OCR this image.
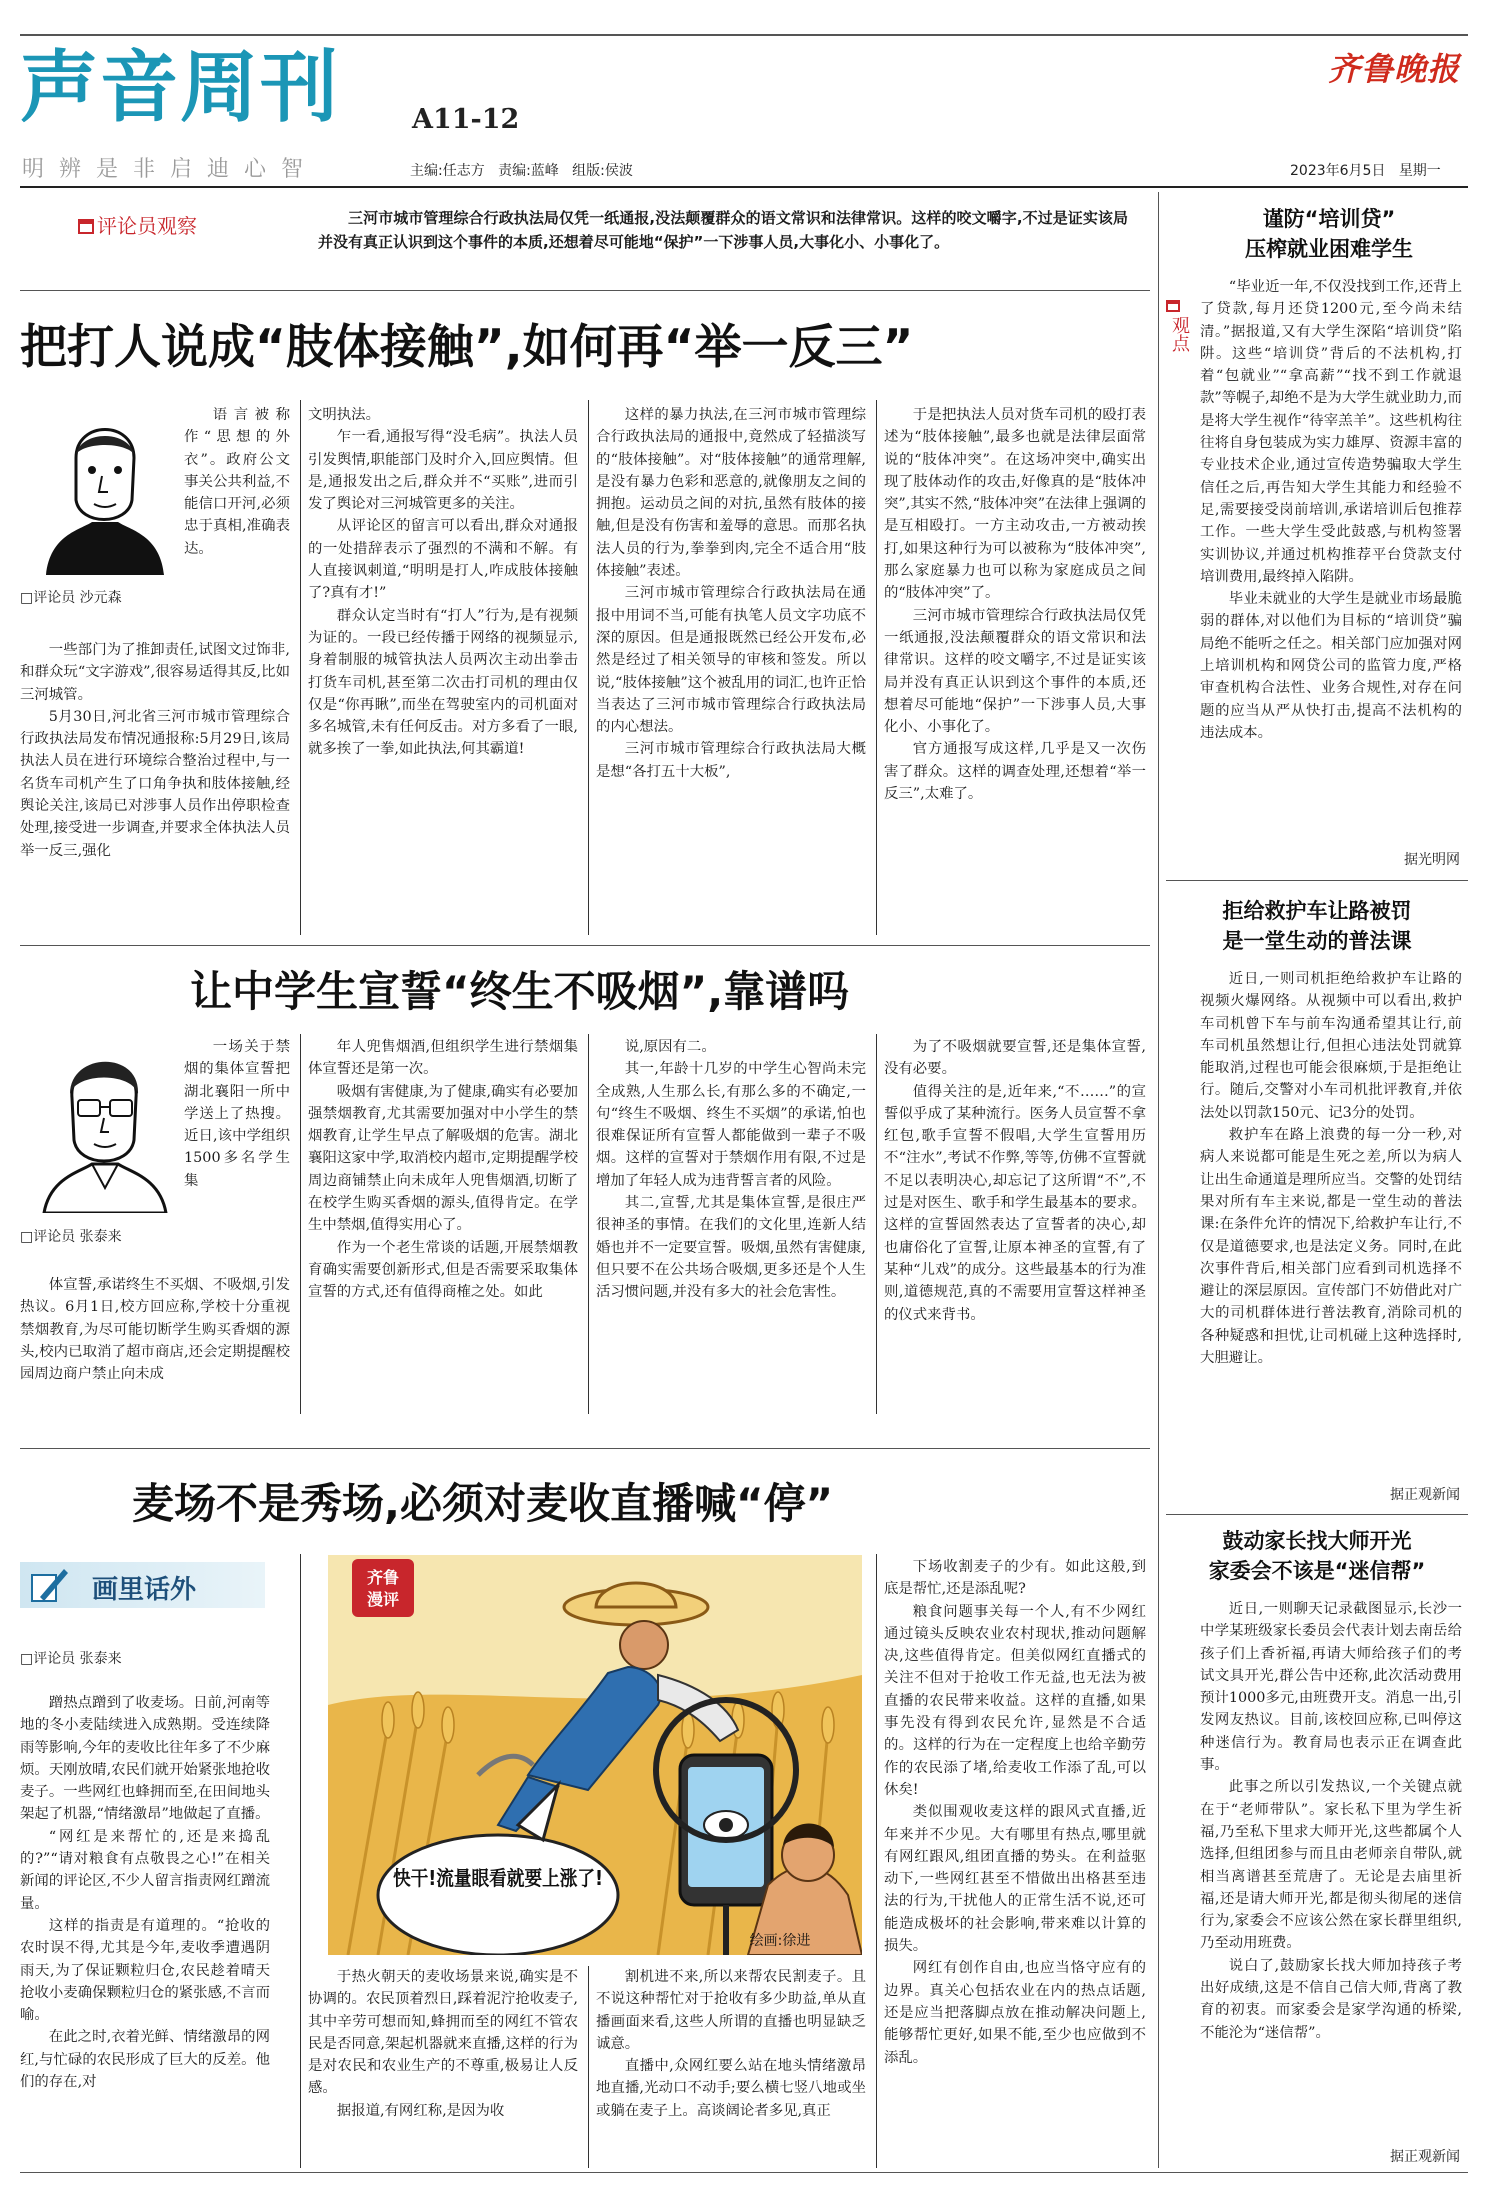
声音周刊	A11-12
明辨是非启迪心智	主编:任志方   责编:蓝峰   组版:侯波
齐鲁晚报
2023年6月5日 星期一
评论员观察	三河市城市管理综合行政执法局仅凭一纸通报,没法颠覆群众的语文常识和法律常识。这样的咬文嚼字,不过是证实该局并没有真正认识到这个事件的本质,还想着尽可能地“保护”一下涉事人员,大事化小、小事化了。
把打人说成“肢体接触”,如何再“举一反三”
□评论员 沙元森

语言被称作“思想的外衣”。政府公文事关公共利益,不能信口开河,必须忠于真相,准确表达。

一些部门为了推卸责任,试图文过饰非,和群众玩“文字游戏”,很容易适得其反,比如三河城管。

5月30日,河北省三河市城市管理综合行政执法局发布情况通报称:5月29日,该局执法人员在进行环境综合整治过程中,与一名货车司机产生了口角争执和肢体接触,经舆论关注,该局已对涉事人员作出停职检查处理,接受进一步调查,并要求全体执法人员举一反三,强化

文明执法。

乍一看,通报写得“没毛病”。执法人员引发舆情,职能部门及时介入,回应舆情。但是,通报发出之后,群众并不“买账”,进而引发了舆论对三河城管更多的关注。

从评论区的留言可以看出,群众对通报的一处措辞表示了强烈的不满和不解。有人直接讽刺道,“明明是打人,咋成肢体接触了?真有才!”

群众认定当时有“打人”行为,是有视频为证的。一段已经传播于网络的视频显示,身着制服的城管执法人员两次主动出拳击打货车司机,甚至第二次击打司机的理由仅仅是“你再瞅”,而坐在驾驶室内的司机面对多名城管,未有任何反击。对方多看了一眼,就多挨了一拳,如此执法,何其霸道!

这样的暴力执法,在三河市城市管理综合行政执法局的通报中,竟然成了轻描淡写的“肢体接触”。对“肢体接触”的通常理解,是没有暴力色彩和恶意的,就像朋友之间的拥抱。运动员之间的对抗,虽然有肢体的接触,但是没有伤害和羞辱的意思。而那名执法人员的行为,拳拳到肉,完全不适合用“肢体接触”表述。

三河市城市管理综合行政执法局在通报中用词不当,可能有执笔人员文字功底不深的原因。但是通报既然已经公开发布,必然是经过了相关领导的审核和签发。所以说,“肢体接触”这个被乱用的词汇,也许正恰当表达了三河市城市管理综合行政执法局的内心想法。

三河市城市管理综合行政执法局大概是想“各打五十大板”,

于是把执法人员对货车司机的殴打表述为“肢体接触”,最多也就是法律层面常说的“肢体冲突”。在这场冲突中,确实出现了肢体动作的攻击,好像真的是“肢体冲突”,其实不然,“肢体冲突”在法律上强调的是互相殴打。一方主动攻击,一方被动挨打,如果这种行为可以被称为“肢体冲突”,那么家庭暴力也可以称为家庭成员之间的“肢体冲突”了。

三河市城市管理综合行政执法局仅凭一纸通报,没法颠覆群众的语文常识和法律常识。这样的咬文嚼字,不过是证实该局并没有真正认识到这个事件的本质,还想着尽可能地“保护”一下涉事人员,大事化小、小事化了。

官方通报写成这样,几乎是又一次伤害了群众。这样的调查处理,还想着“举一反三”,太难了。

让中学生宣誓“终生不吸烟”,靠谱吗
□评论员 张泰来

一场关于禁烟的集体宣誓把湖北襄阳一所中学送上了热搜。近日,该中学组织1500多名学生集

体宣誓,承诺终生不买烟、不吸烟,引发热议。6月1日,校方回应称,学校十分重视禁烟教育,为尽可能切断学生购买香烟的源头,校内已取消了超市商店,还会定期提醒校园周边商户禁止向未成

年人兜售烟酒,但组织学生进行禁烟集体宣誓还是第一次。

吸烟有害健康,为了健康,确实有必要加强禁烟教育,尤其需要加强对中小学生的禁烟教育,让学生早点了解吸烟的危害。湖北襄阳这家中学,取消校内超市,定期提醒学校周边商铺禁止向未成年人兜售烟酒,切断了在校学生购买香烟的源头,值得肯定。在学生中禁烟,值得实用心了。

作为一个老生常谈的话题,开展禁烟教育确实需要创新形式,但是否需要采取集体宣誓的方式,还有值得商榷之处。如此

说,原因有二。

其一,年龄十几岁的中学生心智尚未完全成熟,人生那么长,有那么多的不确定,一句“终生不吸烟、终生不买烟”的承诺,怕也很难保证所有宣誓人都能做到一辈子不吸烟。这样的宣誓对于禁烟作用有限,不过是增加了年轻人成为违背誓言者的风险。

其二,宣誓,尤其是集体宣誓,是很庄严很神圣的事情。在我们的文化里,连新人结婚也并不一定要宣誓。吸烟,虽然有害健康,但只要不在公共场合吸烟,更多还是个人生活习惯问题,并没有多大的社会危害性。

为了不吸烟就要宣誓,还是集体宣誓,没有必要。

值得关注的是,近年来,“不……”的宣誓似乎成了某种流行。医务人员宣誓不拿红包,歌手宣誓不假唱,大学生宣誓用历不“注水”,考试不作弊,等等,仿佛不宣誓就不足以表明决心,却忘记了这所谓“不”,不过是对医生、歌手和学生最基本的要求。这样的宣誓固然表达了宣誓者的决心,却也庸俗化了宣誓,让原本神圣的宣誓,有了某种“儿戏”的成分。这些最基本的行为准则,道德规范,真的不需要用宣誓这样神圣的仪式来背书。

麦场不是秀场,必须对麦收直播喊“停”
画里话外
□评论员 张泰来

蹭热点蹭到了收麦场。日前,河南等地的冬小麦陆续进入成熟期。受连续降雨等影响,今年的麦收比往年多了不少麻烦。天刚放晴,农民们就开始紧张地抢收麦子。一些网红也蜂拥而至,在田间地头架起了机器,“情绪激昂”地做起了直播。

“网红是来帮忙的,还是来捣乱的?”“请对粮食有点敬畏之心!”在相关新闻的评论区,不少人留言指责网红蹭流量。

这样的指责是有道理的。“抢收的农时误不得,尤其是今年,麦收季遭遇阴雨天,为了保证颗粒归仓,农民趁着晴天抢收小麦确保颗粒归仓的紧张感,不言而喻。

在此之时,衣着光鲜、情绪激昂的网红,与忙碌的农民形成了巨大的反差。他们的存在,对

快干!流量眼看就要上涨了!
齐鲁
漫评
绘画:徐进

于热火朝天的麦收场景来说,确实是不协调的。农民顶着烈日,踩着泥泞抢收麦子,其中辛劳可想而知,蜂拥而至的网红不管农民是否同意,架起机器就来直播,这样的行为是对农民和农业生产的不尊重,极易让人反感。

据报道,有网红称,是因为收

割机进不来,所以来帮农民割麦子。且不说这种帮忙对于抢收有多少助益,单从直播画面来看,这些人所谓的直播也明显缺乏诚意。

直播中,众网红要么站在地头情绪激昂地直播,光动口不动手;要么横七竖八地或坐或躺在麦子上。高谈阔论者多见,真正

下场收割麦子的少有。如此这般,到底是帮忙,还是添乱呢?

粮食问题事关每一个人,有不少网红通过镜头反映农业农村现状,推动问题解决,这些值得肯定。但美似网红直播式的关注不但对于抢收工作无益,也无法为被直播的农民带来收益。这样的直播,如果事先没有得到农民允许,显然是不合适的。这样的行为在一定程度上也给辛勤劳作的农民添了堵,给麦收工作添了乱,可以休矣!

类似围观收麦这样的跟风式直播,近年来并不少见。大有哪里有热点,哪里就有网红跟风,组团直播的势头。在利益驱动下,一些网红甚至不惜做出出格甚至违法的行为,干扰他人的正常生活不说,还可能造成极坏的社会影响,带来难以计算的损失。

网红有创作自由,也应当恪守应有的边界。真关心包括农业在内的热点话题,还是应当把落脚点放在推动解决问题上,能够帮忙更好,如果不能,至少也应做到不添乱。

观点
谨防“培训贷”
压榨就业困难学生

“毕业近一年,不仅没找到工作,还背上了贷款,每月还贷1200元,至今尚未结清。”据报道,又有大学生深陷“培训贷”陷阱。这些“培训贷”背后的不法机构,打着“包就业”“拿高薪”“找不到工作就退款”等幌子,却绝不是为大学生就业助力,而是将大学生视作“待宰羔羊”。这些机构往往将自身包装成为实力雄厚、资源丰富的专业技术企业,通过宣传造势骗取大学生信任之后,再告知大学生其能力和经验不足,需要接受岗前培训,承诺培训后包推荐工作。一些大学生受此鼓惑,与机构签署实训协议,并通过机构推荐平台贷款支付培训费用,最终掉入陷阱。

毕业未就业的大学生是就业市场最脆弱的群体,对以他们为目标的“培训贷”骗局绝不能听之任之。相关部门应加强对网上培训机构和网贷公司的监管力度,严格审查机构合法性、业务合规性,对存在问题的应当从严从快打击,提高不法机构的违法成本。

据光明网
拒给救护车让路被罚
是一堂生动的普法课

近日,一则司机拒绝给救护车让路的视频火爆网络。从视频中可以看出,救护车司机曾下车与前车沟通希望其让行,前车司机虽然想让行,但担心违法处罚就算能取消,过程也可能会很麻烦,于是拒绝让行。随后,交警对小车司机批评教育,并依法处以罚款150元、记3分的处罚。

救护车在路上浪费的每一分一秒,对病人来说都可能是生死之差,所以为病人让出生命通道是理所应当。交警的处罚结果对所有车主来说,都是一堂生动的普法课:在条件允许的情况下,给救护车让行,不仅是道德要求,也是法定义务。同时,在此次事件背后,相关部门应看到司机选择不避让的深层原因。宣传部门不妨借此对广大的司机群体进行普法教育,消除司机的各种疑惑和担忧,让司机碰上这种选择时,大胆避让。

据正观新闻
鼓动家长找大师开光
家委会不该是“迷信帮”

近日,一则聊天记录截图显示,长沙一中学某班级家长委员会代表计划去南岳给孩子们上香祈福,再请大师给孩子们的考试文具开光,群公告中还称,此次活动费用预计1000多元,由班费开支。消息一出,引发网友热议。目前,该校回应称,已叫停这种迷信行为。教育局也表示正在调查此事。

此事之所以引发热议,一个关键点就在于“老师带队”。家长私下里为学生祈福,乃至私下里求大师开光,这些都属个人选择,但组团参与而且由老师亲自带队,就相当离谱甚至荒唐了。无论是去庙里祈福,还是请大师开光,都是彻头彻尾的迷信行为,家委会不应该公然在家长群里组织,乃至动用班费。

说白了,鼓励家长找大师加持孩子考出好成绩,这是不信自己信大师,背离了教育的初衷。而家委会是家学沟通的桥梁,不能沦为“迷信帮”。

据正观新闻
